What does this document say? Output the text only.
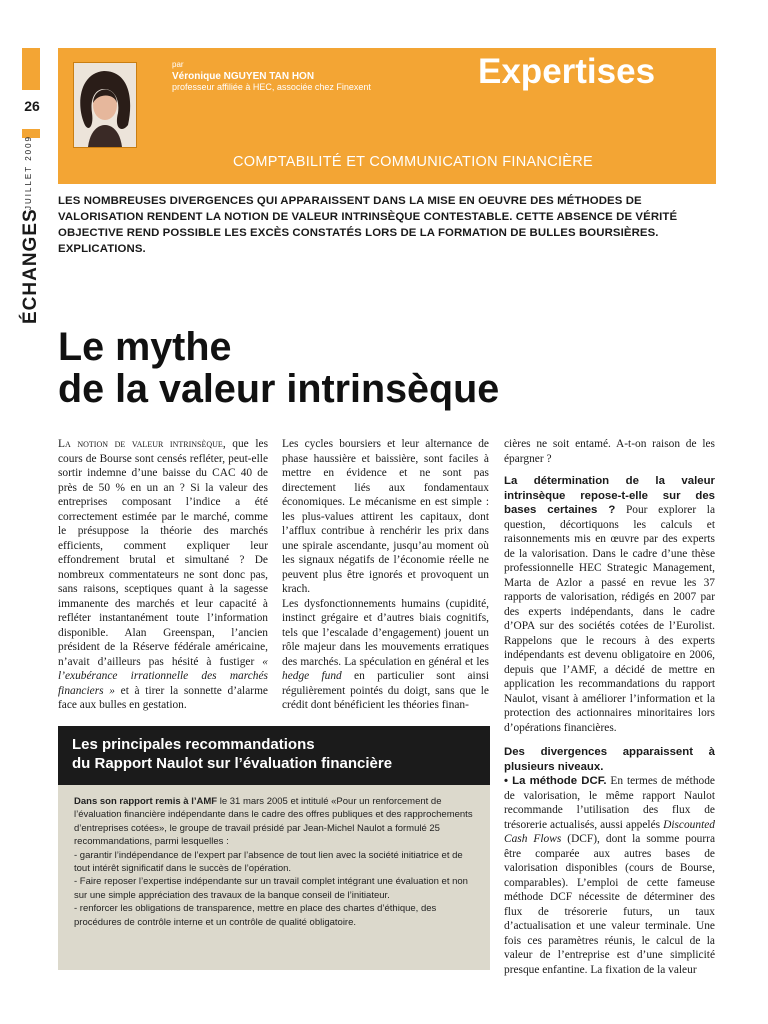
26
JUILLET 2009
ÉCHANGES
par
Véronique NGUYEN TAN HON
professeur affiliée à HEC, associée chez Finexent	Expertises
COMPTABILITÉ ET COMMUNICATION FINANCIÈRE
LES NOMBREUSES DIVERGENCES QUI APPARAISSENT DANS LA MISE EN OEUVRE DES MÉTHODES DE VALORISATION RENDENT LA NOTION DE VALEUR INTRINSÈQUE CONTESTABLE. CETTE ABSENCE DE VÉRITÉ OBJECTIVE REND POSSIBLE LES EXCÈS CONSTATÉS LORS DE LA FORMATION DE BULLES BOURSIÈRES. EXPLICATIONS.
Le mythe
de la valeur intrinsèque

La notion de valeur intrinsèque, que les cours de Bourse sont censés refléter, peut-elle sortir indemne d’une baisse du CAC 40 de près de 50 % en un an ? Si la valeur des entreprises composant l’indice a été correctement estimée par le marché, comme le présuppose la théorie des marchés efficients, comment expliquer leur effondrement brutal et simultané ? De nombreux commentateurs ne sont donc pas, sans raisons, sceptiques quant à la sagesse immanente des marchés et leur capacité à refléter instantanément toute l’information disponible. Alan Greenspan, l’ancien président de la Réserve fédérale américaine, n’avait d’ailleurs pas hésité à fustiger « l’exubérance irrationnelle des marchés financiers » et à tirer la sonnette d’alarme face aux bulles en gestation.

Les cycles boursiers et leur alternance de phase haussière et baissière, sont faciles à mettre en évidence et ne sont pas directement liés aux fondamentaux économiques. Le mécanisme en est simple : les plus-values attirent les capitaux, dont l’afflux contribue à renchérir les prix dans une spirale ascendante, jusqu’au moment où les signaux négatifs de l’économie réelle ne peuvent plus être ignorés et provoquent un krach.

Les dysfonctionnements humains (cupidité, instinct grégaire et d’autres biais cognitifs, tels que l’escalade d’engagement) jouent un rôle majeur dans les mouvements erratiques des marchés. La spéculation en général et les hedge fund en particulier sont ainsi régulièrement pointés du doigt, sans que le crédit dont bénéficient les théories finan-

cières ne soit entamé. A-t-on raison de les épargner ?

La détermination de la valeur intrinsèque repose-t-elle sur des bases certaines ? Pour explorer la question, décortiquons les calculs et raisonnements mis en œuvre par des experts de la valorisation. Dans le cadre d’une thèse professionnelle HEC Strategic Management, Marta de Azlor a passé en revue les 37 rapports de valorisation, rédigés en 2007 par des experts indépendants, dans le cadre d’OPA sur des sociétés cotées de l’Eurolist. Rappelons que le recours à des experts indépendants est devenu obligatoire en 2006, depuis que l’AMF, a décidé de mettre en application les recommandations du rapport Naulot, visant à améliorer l’information et la protection des actionnaires minoritaires lors d’opérations financières.

Des divergences apparaissent à plusieurs niveaux.

• La méthode DCF. En termes de méthode de valorisation, le même rapport Naulot recommande l’utilisation des flux de trésorerie actualisés, aussi appelés Discounted Cash Flows (DCF), dont la somme pourra être comparée aux autres bases de valorisation disponibles (cours de Bourse, comparables). L’emploi de cette fameuse méthode DCF nécessite de déterminer des flux de trésorerie futurs, un taux d’actualisation et une valeur terminale. Une fois ces paramètres réunis, le calcul de la valeur de l’entreprise est d’une simplicité presque enfantine. La fixation de la valeur

Les principales recommandations
du Rapport Naulot sur l’évaluation financière

Dans son rapport remis à l’AMF le 31 mars 2005 et intitulé «Pour un renforcement de l’évaluation financière indépendante dans le cadre des offres publiques et des rapprochements d’entreprises cotées», le groupe de travail présidé par Jean-Michel Naulot a formulé 25 recommandations, parmi lesquelles :

- garantir l’indépendance de l’expert par l’absence de tout lien avec la société initiatrice et de tout intérêt significatif dans le succès de l’opération.

- Faire reposer l’expertise indépendante sur un travail complet intégrant une évaluation et non sur une simple appréciation des travaux de la banque conseil de l’initiateur.

- renforcer les obligations de transparence, mettre en place des chartes d’éthique, des procédures de contrôle interne et un contrôle de qualité obligatoire.
